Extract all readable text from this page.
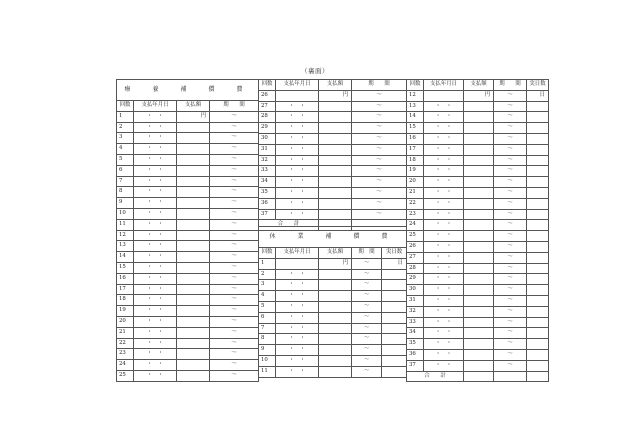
（裏面）
療　養　補　償　費			
回数	支払年月日	支払額	期　　間
1	・　・	円	～
2	・　・		～
3	・　・		～
4	・　・		～
5	・　・		～
6	・　・		～
7	・　・		～
8	・　・		～
9	・　・		～
10	・　・		～
11	・　・		～
12	・　・		～
13	・　・		～
14	・　・		～
15	・　・		～
16	・　・		～
17	・　・		～
18	・　・		～
19	・　・		～
20	・　・		～
21	・　・		～
22	・　・		～
23	・　・		～
24	・　・		～
25	・　・		～
回数	支払年月日	支払額	期　　間
26		円	～
27	・　・		～
28	・　・		～
29	・　・		～
30	・　・		～
31	・　・		～
32	・　・		～
33	・　・		～
34	・　・		～
35	・　・		～
36	・　・		～
37	・　・		～
合　　計			
休　業　補　償　費				
回数	支払年月日	支払額	期　間	実日数
1		円	～	日
2	・　・		～	
3	・　・		～	
4	・　・		～	
5	・　・		～	
6	・　・		～	
7	・　・		～	
8	・　・		～	
9	・　・		～	
10	・　・		～	
11	・　・		～	
回数	支払年月日	支払額	期　　間	実日数
12		円	～	日
13	・　・		～	
14	・　・		～	
15	・　・		～	
16	・　・		～	
17	・　・		～	
18	・　・		～	
19	・　・		～	
20	・　・		～	
21	・　・		～	
22	・　・		～	
23	・　・		～	
24	・　・		～	
25	・　・		～	
26	・　・		～	
27	・　・		～	
28	・　・		～	
29	・　・		～	
30	・　・		～	
31	・　・		～	
32	・　・		～	
33	・　・		～	
34	・　・		～	
35	・　・		～	
36	・　・		～	
37	・　・		～	
合　　計				
